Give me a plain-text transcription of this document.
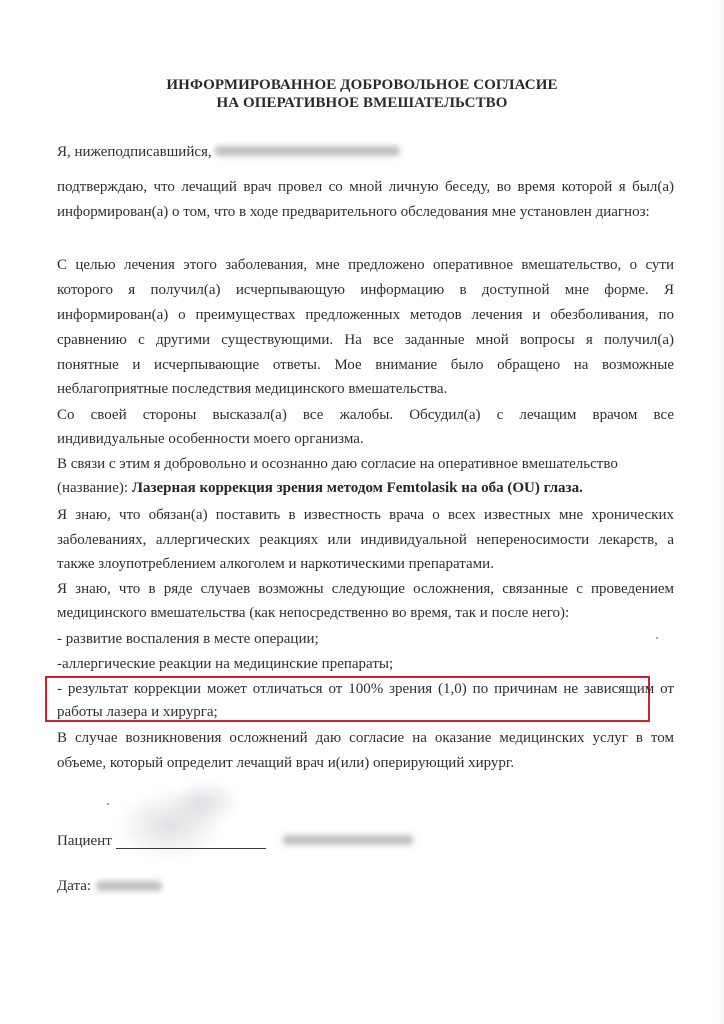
ИНФОРМИРОВАННОЕ ДОБРОВОЛЬНОЕ СОГЛАСИЕ
НА ОПЕРАТИВНОЕ ВМЕШАТЕЛЬСТВО
Я, нижеподписавшийся,
подтверждаю, что лечащий врач провел со мной личную беседу, во время которой я был(а)
информирован(а) о том, что в ходе предварительного обследования мне установлен диагноз:
С целью лечения этого заболевания, мне предложено оперативное вмешательство, о сути
которого я получил(а) исчерпывающую информацию в доступной мне форме. Я
информирован(а) о преимуществах предложенных методов лечения и обезболивания, по
сравнению с другими существующими. На все заданные мной вопросы я получил(а)
понятные и исчерпывающие ответы. Мое внимание было обращено на возможные
неблагоприятные последствия медицинского вмешательства.
Со своей стороны высказал(а) все жалобы. Обсудил(а) с лечащим врачом все
индивидуальные особенности моего организма.
В связи с этим я добровольно и осознанно даю согласие на оперативное вмешательство
(название): Лазерная коррекция зрения методом Femtolasik на оба (OU) глаза.
Я знаю, что обязан(а) поставить в известность врача о всех известных мне хронических
заболеваниях, аллергических реакциях или индивидуальной непереносимости лекарств, а
также злоупотреблением алкоголем и наркотическими препаратами.
Я знаю, что в ряде случаев возможны следующие осложнения, связанные с проведением
медицинского вмешательства (как непосредственно во время, так и после него):
- развитие воспаления в месте операции;
-аллергические реакции на медицинские препараты;
- результат коррекции может отличаться от 100% зрения (1,0) по причинам не зависящим от
работы лазера и хирурга;
В случае возникновения осложнений даю согласие на оказание медицинских услуг в том
объеме, который определит лечащий врач и(или) оперирующий хирург.
Пациент
Дата:
